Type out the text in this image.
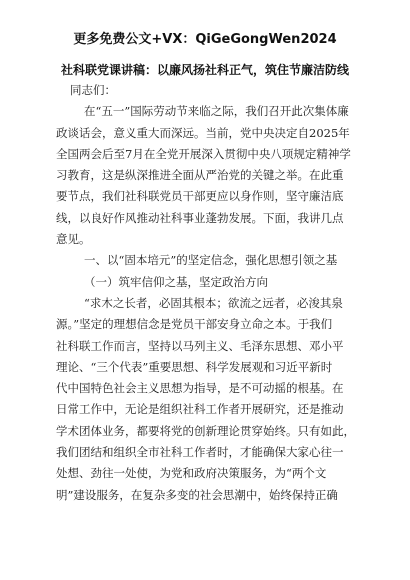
更多免费公文+VX：QiGeGongWen2024
社科联党课讲稿：以廉风扬社科正气，筑住节廉洁防线
同志们：
在“五一”国际劳动节来临之际，我们召开此次集体廉
政谈话会，意义重大而深远。当前，党中央决定自2025年
全国两会后至7月在全党开展深入贯彻中央八项规定精神学
习教育，这是纵深推进全面从严治党的关键之举。在此重
要节点，我们社科联党员干部更应以身作则，坚守廉洁底
线，以良好作风推动社科事业蓬勃发展。下面，我讲几点
意见。
一、以“固本培元”的坚定信念，强化思想引领之基
（一）筑牢信仰之基，坚定政治方向
“求木之长者，必固其根本；欲流之远者，必浚其泉
源。”坚定的理想信念是党员干部安身立命之本。于我们
社科联工作而言，坚持以马列主义、毛泽东思想、邓小平
理论、“三个代表”重要思想、科学发展观和习近平新时
代中国特色社会主义思想为指导，是不可动摇的根基。在
日常工作中，无论是组织社科工作者开展研究，还是推动
学术团体业务，都要将党的创新理论贯穿始终。只有如此，
我们团结和组织全市社科工作者时，才能确保大家心往一
处想、劲往一处使，为党和政府决策服务，为“两个文
明”建设服务，在复杂多变的社会思潮中，始终保持正确
